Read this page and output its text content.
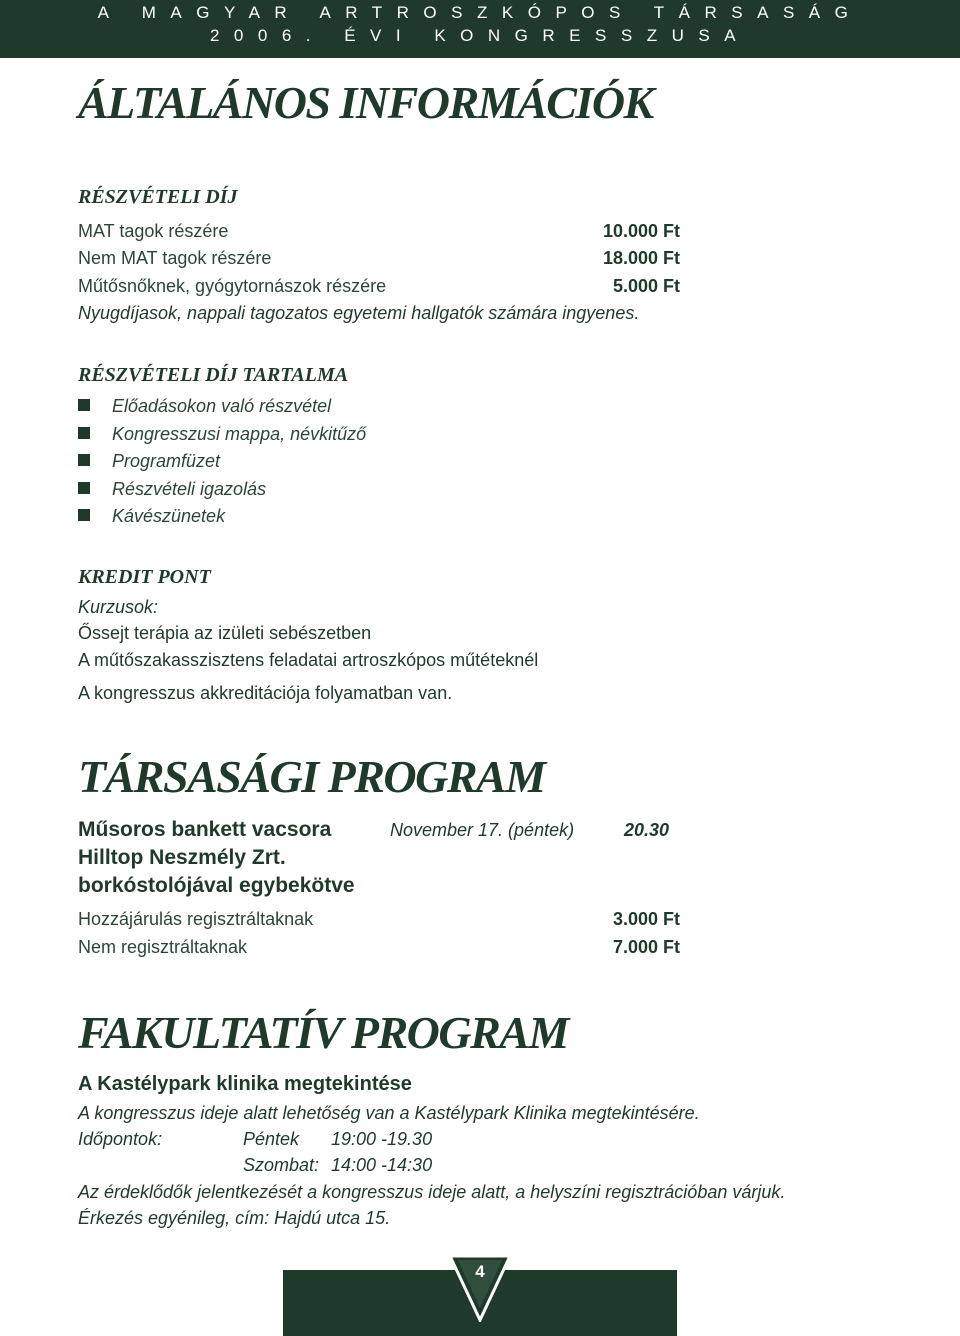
A MAGYAR ARTROSZKÓPOS TÁRSASÁG
2006. ÉVI KONGRESSZUSA
ÁLTALÁNOS INFORMÁCIÓK
RÉSZVÉTELI DÍJ
MAT tagok részére	10.000 Ft
Nem MAT tagok részére	18.000 Ft
Műtősnőknek, gyógytornászok részére	5.000 Ft
Nyugdíjasok, nappali tagozatos egyetemi hallgatók számára ingyenes.
RÉSZVÉTELI DÍJ TARTALMA
Előadásokon való részvétel
Kongresszusi mappa, névkitűző
Programfüzet
Részvételi igazolás
Kávészünetek
KREDIT PONT
Kurzusok:
Őssejt terápia az izületi sebészetben
A műtőszakasszisztens feladatai artroszkópos műtéteknél
A kongresszus akkreditációja folyamatban van.
TÁRSASÁGI PROGRAM
Műsoros bankett vacsora	November 17. (péntek)	20.30
Hilltop Neszmély Zrt.
borkóstolójával egybekötve
Hozzájárulás regisztráltaknak	3.000 Ft
Nem regisztráltaknak	7.000 Ft
FAKULTATÍV PROGRAM
A Kastélypark klinika megtekintése
A kongresszus ideje alatt lehetőség van a Kastélypark Klinika megtekintésére.
Időpontok:	Péntek 19:00 -19.30
Szombat: 14:00 -14:30
Az érdeklődők jelentkezését a kongresszus ideje alatt, a helyszíni regisztrációban várjuk.
Érkezés egyénileg, cím: Hajdú utca 15.
4
